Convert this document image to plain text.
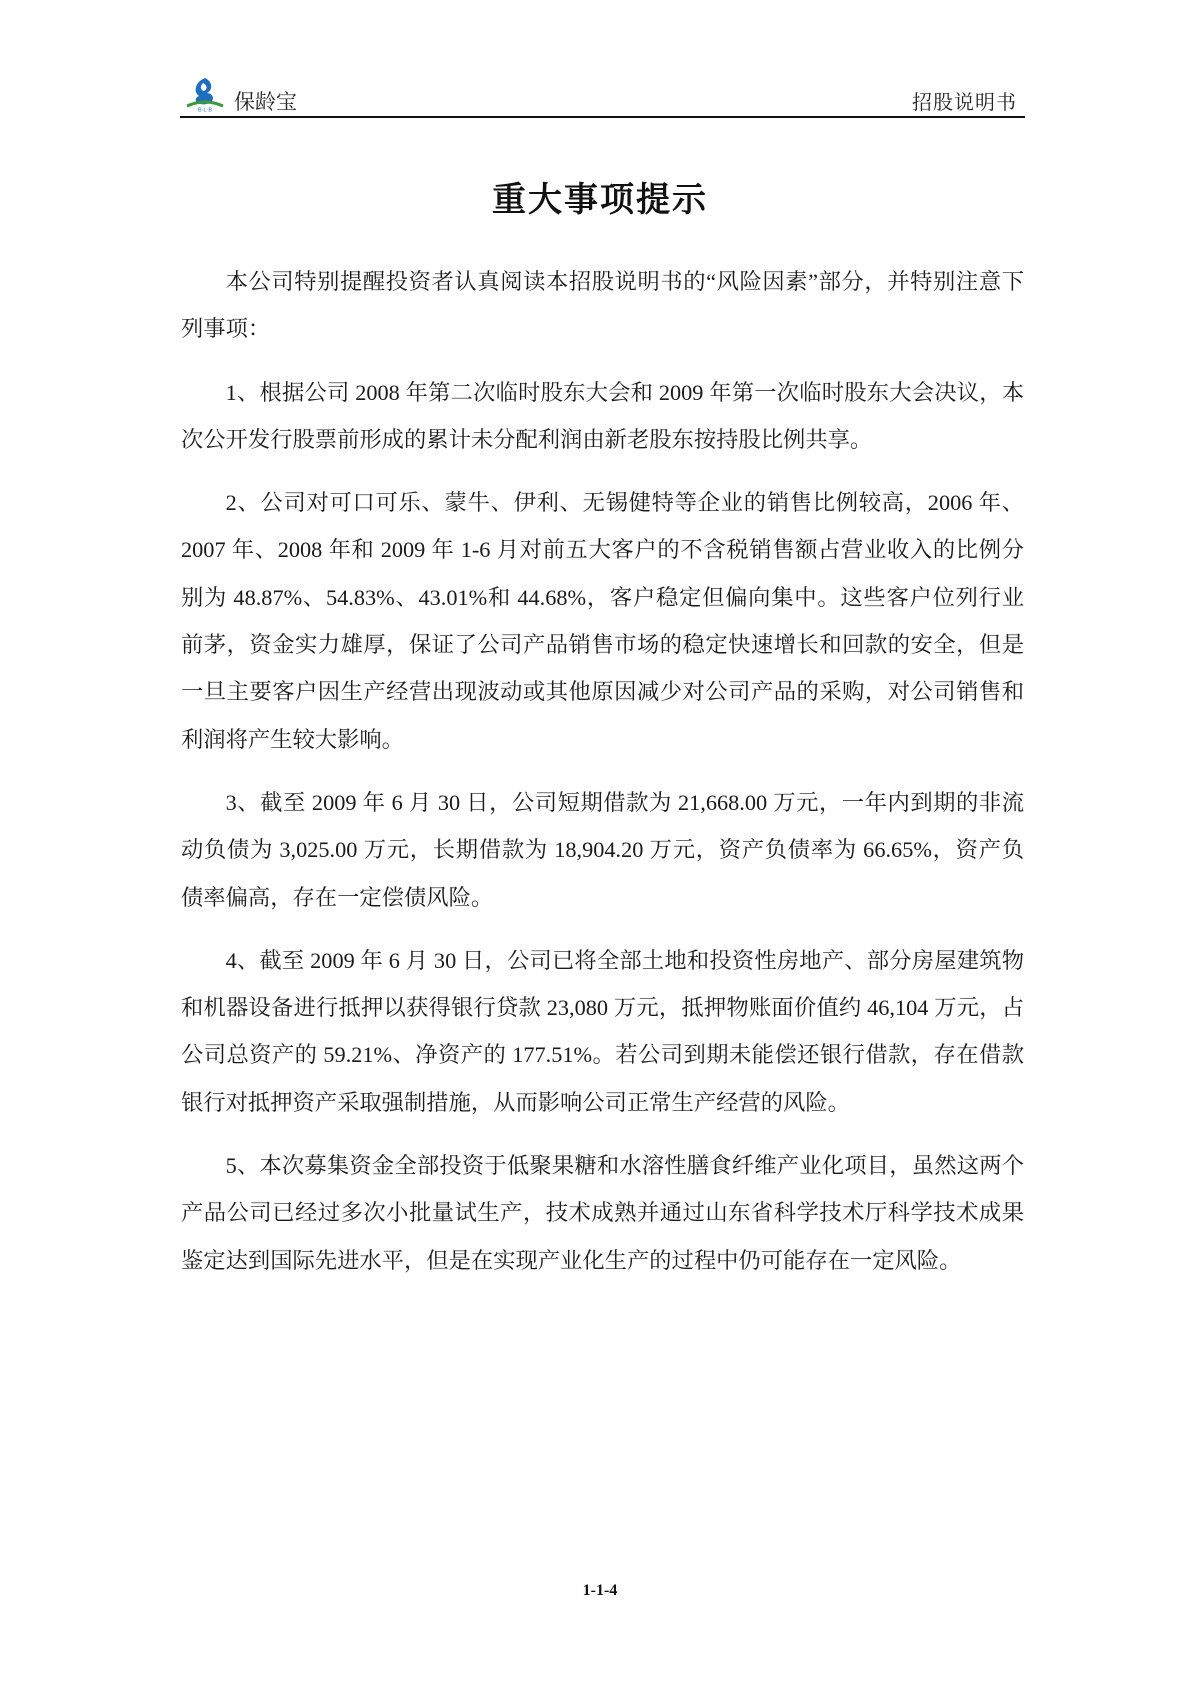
B·L·B 保龄宝	招股说明书
重大事项提示

本公司特别提醒投资者认真阅读本招股说明书的“风险因素”部分，并特别注意下列事项：

1、根据公司 2008 年第二次临时股东大会和 2009 年第一次临时股东大会决议，本次公开发行股票前形成的累计未分配利润由新老股东按持股比例共享。

2、公司对可口可乐、蒙牛、伊利、无锡健特等企业的销售比例较高，2006 年、2007 年、2008 年和 2009 年 1-6 月对前五大客户的不含税销售额占营业收入的比例分别为 48.87%、54.83%、43.01%和 44.68%，客户稳定但偏向集中。这些客户位列行业前茅，资金实力雄厚，保证了公司产品销售市场的稳定快速增长和回款的安全，但是一旦主要客户因生产经营出现波动或其他原因减少对公司产品的采购，对公司销售和利润将产生较大影响。

3、截至 2009 年 6 月 30 日，公司短期借款为 21,668.00 万元，一年内到期的非流动负债为 3,025.00 万元，长期借款为 18,904.20 万元，资产负债率为 66.65%，资产负债率偏高，存在一定偿债风险。

4、截至 2009 年 6 月 30 日，公司已将全部土地和投资性房地产、部分房屋建筑物和机器设备进行抵押以获得银行贷款 23,080 万元，抵押物账面价值约 46,104 万元，占公司总资产的 59.21%、净资产的 177.51%。若公司到期未能偿还银行借款，存在借款银行对抵押资产采取强制措施，从而影响公司正常生产经营的风险。

5、本次募集资金全部投资于低聚果糖和水溶性膳食纤维产业化项目，虽然这两个产品公司已经过多次小批量试生产，技术成熟并通过山东省科学技术厅科学技术成果鉴定达到国际先进水平，但是在实现产业化生产的过程中仍可能存在一定风险。

1-1-4
